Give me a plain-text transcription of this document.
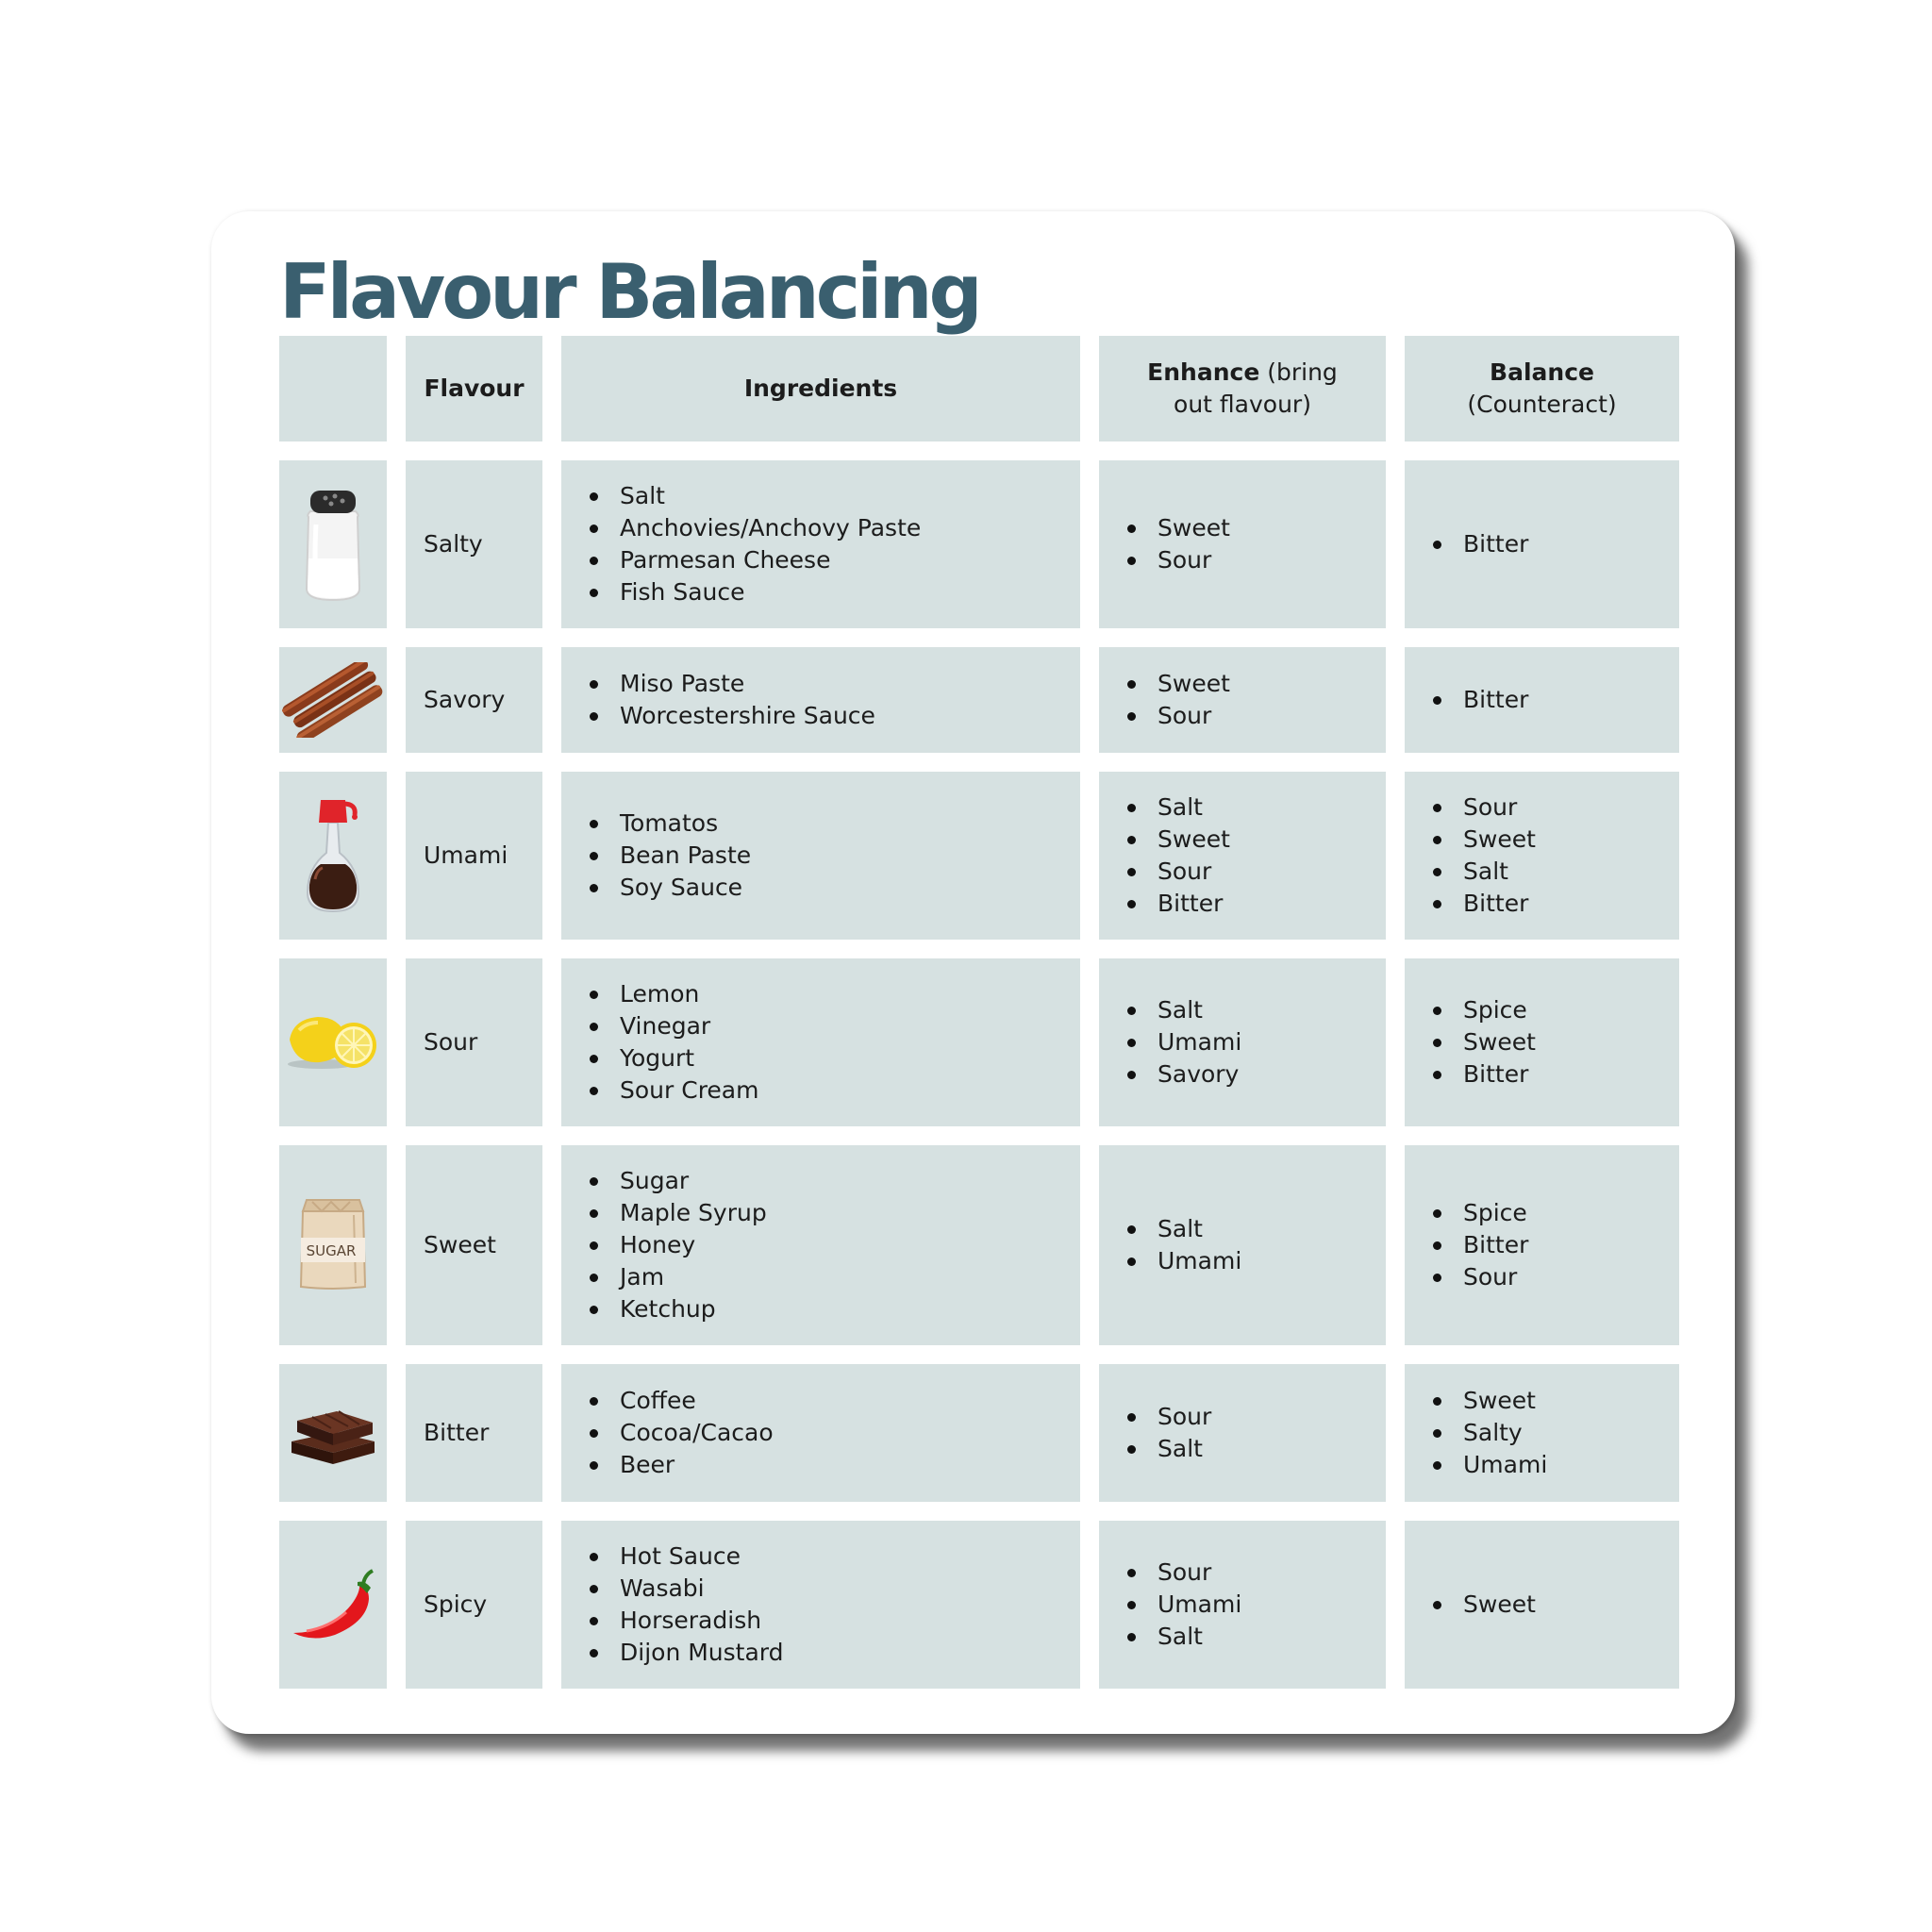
Flavour Balancing
Flavour	Ingredients
Enhance (bring out flavour)
Balance
(Counteract)
Salty
Salt
Anchovies/Anchovy Paste
Parmesan Cheese
Fish Sauce
Sweet
Sour
Bitter
Savory
Miso Paste
Worcestershire Sauce
Sweet
Sour
Bitter
Umami
Tomatos
Bean Paste
Soy Sauce
Salt
Sweet
Sour
Bitter
Sour
Sweet
Salt
Bitter
Sour
Lemon
Vinegar
Yogurt
Sour Cream
Salt
Umami
Savory
Spice
Sweet
Bitter
SUGAR	Sweet
Sugar
Maple Syrup
Honey
Jam
Ketchup
Salt
Umami
Spice
Bitter
Sour
Bitter
Coffee
Cocoa/Cacao
Beer
Sour
Salt
Sweet
Salty
Umami
Spicy
Hot Sauce
Wasabi
Horseradish
Dijon Mustard
Sour
Umami
Salt
Sweet
